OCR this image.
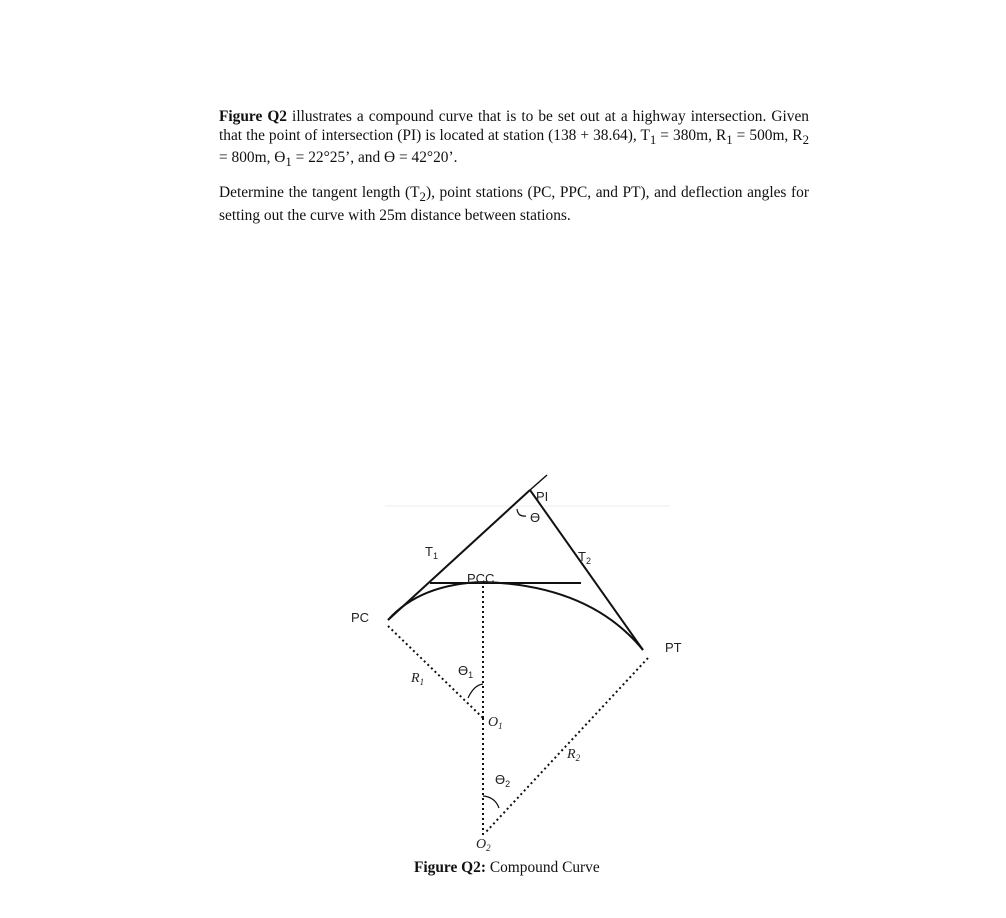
Figure Q2 illustrates a compound curve that is to be set out at a highway intersection. Given that the point of intersection (PI) is located at station (138 + 38.64), $T_1 = 380m$, $R_1 = 500m$, $R_2 = 800m$, $ϴ_1 = 22^\circ 25$’, and ϴ = 42°20’.

Determine the tangent length $(T_2)$, point stations (PC, PPC, and PT), and deflection angles for setting out the curve with 25m distance between stations.

PI
ϴ
$T_1$	$T_2$
PCC
PC
PT
$R_1$
$ϴ_1$
$O_1$
$R_2$
$ϴ_2$
$O_2$
Figure Q2: Compound Curve
